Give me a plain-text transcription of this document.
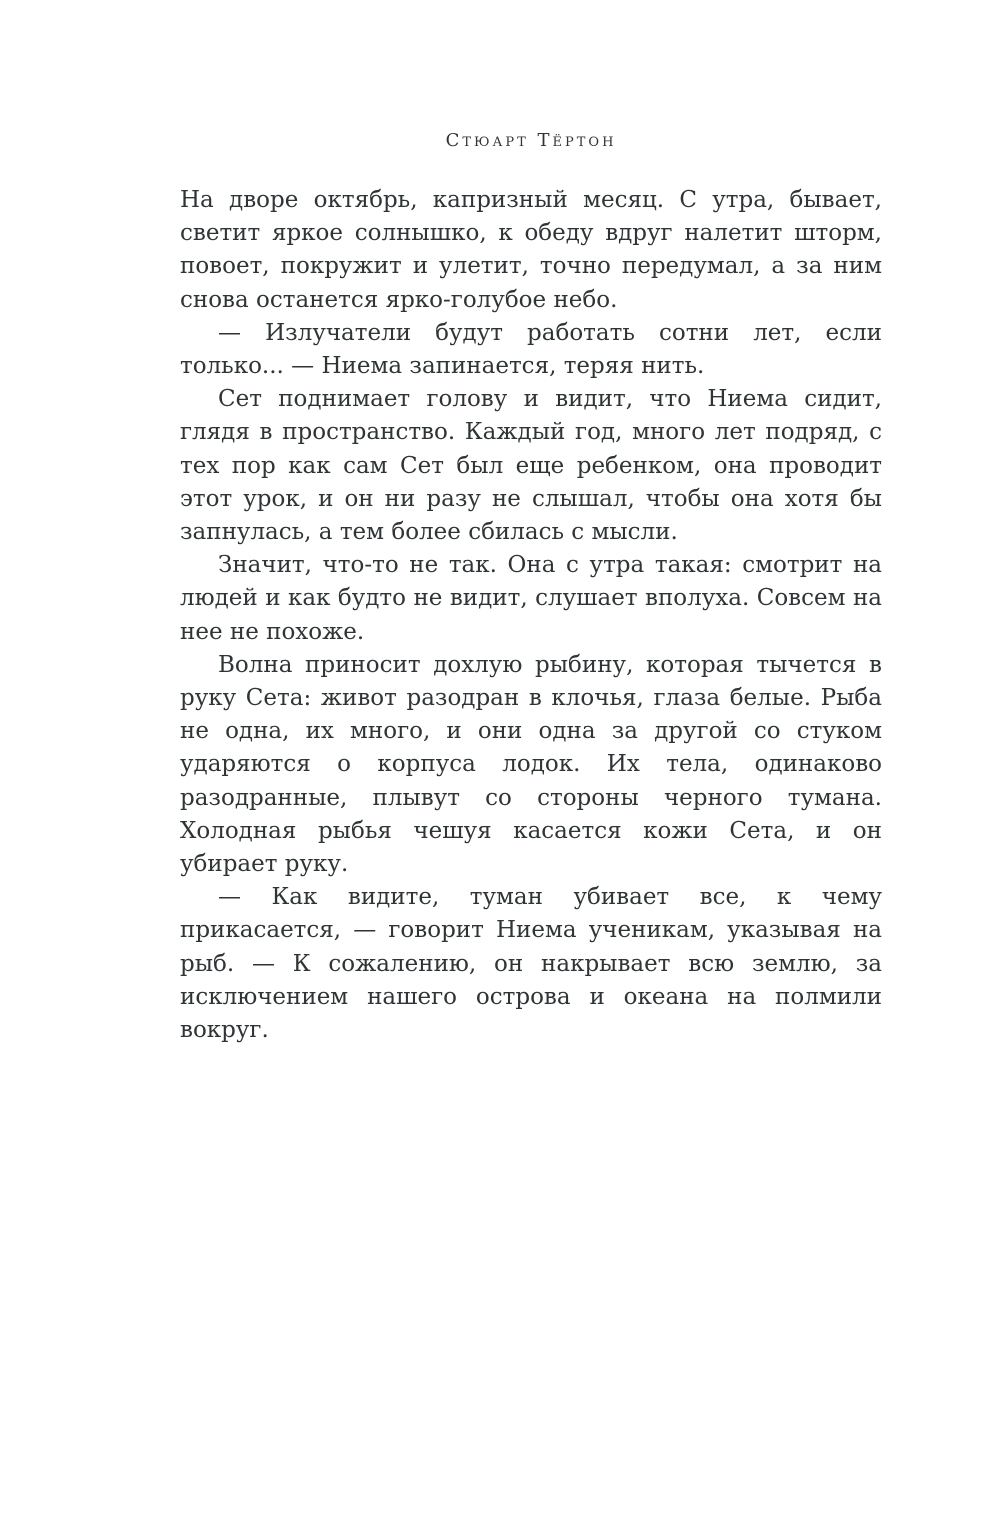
Стюарт Тёртон

На дворе октябрь, капризный месяц. С утра, бывает, светит яркое солнышко, к обеду вдруг налетит шторм, повоет, покружит и улетит, точно передумал, а за ним снова останется ярко-голубое небо.

— Излучатели будут работать сотни лет, если только... — Ниема запинается, теряя нить.

Сет поднимает голову и видит, что Ниема сидит, глядя в пространство. Каждый год, много лет подряд, с тех пор как сам Сет был еще ребенком, она проводит этот урок, и он ни разу не слышал, чтобы она хотя бы запнулась, а тем более сбилась с мысли.

Значит, что-то не так. Она с утра такая: смотрит на людей и как будто не видит, слушает вполуха. Совсем на нее не похоже.

Волна приносит дохлую рыбину, которая тычется в руку Сета: живот разодран в клочья, глаза белые. Рыба не одна, их много, и они одна за другой со стуком ударяются о корпуса лодок. Их тела, одинаково разодранные, плывут со стороны черного тумана. Холодная рыбья чешуя касается кожи Сета, и он убирает руку.

— Как видите, туман убивает все, к чему прикасается, — говорит Ниема ученикам, указывая на рыб. — К сожалению, он накрывает всю землю, за исключением нашего острова и океана на полмили вокруг.
